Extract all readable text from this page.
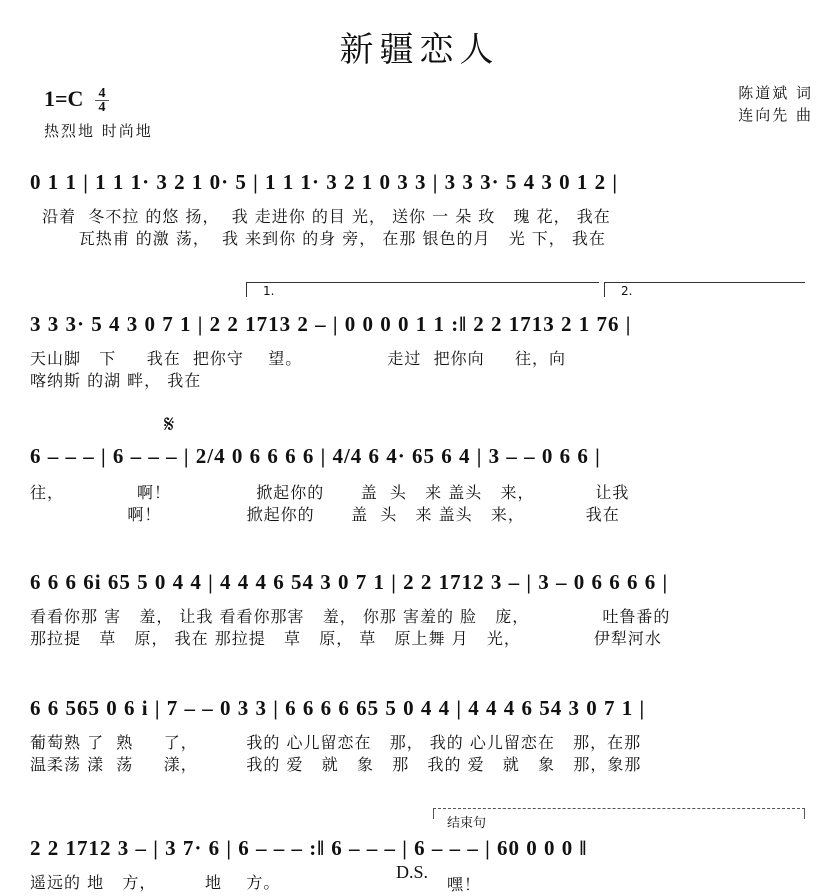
新疆恋人
$1=C \frac{4}{4}$
热烈地 时尚地
陈道斌 词
连向先 曲
0 1 1 | 1 1 1· 3 2 1 0· 5 | 1 1 1· 3 2 1 0 3 3 | 3 3 3· 5 4 3 0 1 2 |
沿着  冬不拉 的悠 扬，  我 走进你 的目 光， 送你 一 朵 玫   瑰 花， 我在
瓦热甫 的激 荡，  我 来到你 的身 旁， 在那 银色的月   光 下， 我在
1.	2.
3 3 3· 5 4 3 0 7 1 | 2 2 1713 2 – | 0 0 0 0 1 1 :‖ 2 2 1713 2 1 76 |
天山脚   下     我在  把你守    望。              走过  把你向     往，向
喀纳斯 的湖 畔， 我在
𝄋
6 – – – | 6 – – – | 2/4 0 6 6 6 6 | 4/4 6 4· 65 6 4 | 3 – – 0 6 6 |
往，            啊！              掀起你的      盖  头   来 盖头   来，          让我
啊！              掀起你的      盖  头   来 盖头   来，          我在
6 6 6 6i 65 5 0 4 4 | 4 4 4 6 54 3 0 7 1 | 2 2 1712 3 – | 3 – 0 6 6 6 6 |
看看你那 害   羞， 让我 看看你那害   羞， 你那 害羞的 脸   庞，            吐鲁番的
那拉提   草   原， 我在 那拉提   草   原， 草   原上舞 月   光，            伊犁河水
6 6 565 0 6 i | 7 – – 0 3 3 | 6 6 6 6 65 5 0 4 4 | 4 4 4 6 54 3 0 7 1 |
葡萄熟 了  熟     了，        我的 心儿留恋在   那， 我的 心儿留恋在   那，在那
温柔荡 漾  荡     漾，        我的 爱   就   象   那   我的 爱   就   象   那，象那
结束句
2 2 1712 3 – | 3 7· 6 | 6 – – – :‖ 6 – – – | 6 – – – | 60 0 0 0 ‖
遥远的 地   方，        地    方。
D.S.
嘿！
